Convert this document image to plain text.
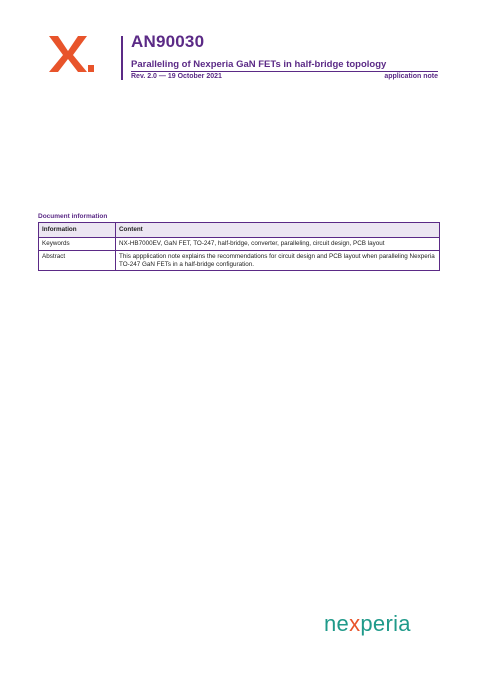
AN90030
Paralleling of Nexperia GaN FETs in half-bridge topology
Rev. 2.0 — 19 October 2021	application note
Document information
Information	Content
Keywords	NX-HB7000EV, GaN FET, TO-247, half-bridge, converter, paralleling, circuit design, PCB layout
Abstract	This appplication note explains the recommendations for circuit design and PCB layout when paralleling Nexperia TO-247 GaN FETs in a half-bridge configuration.
nexperia
